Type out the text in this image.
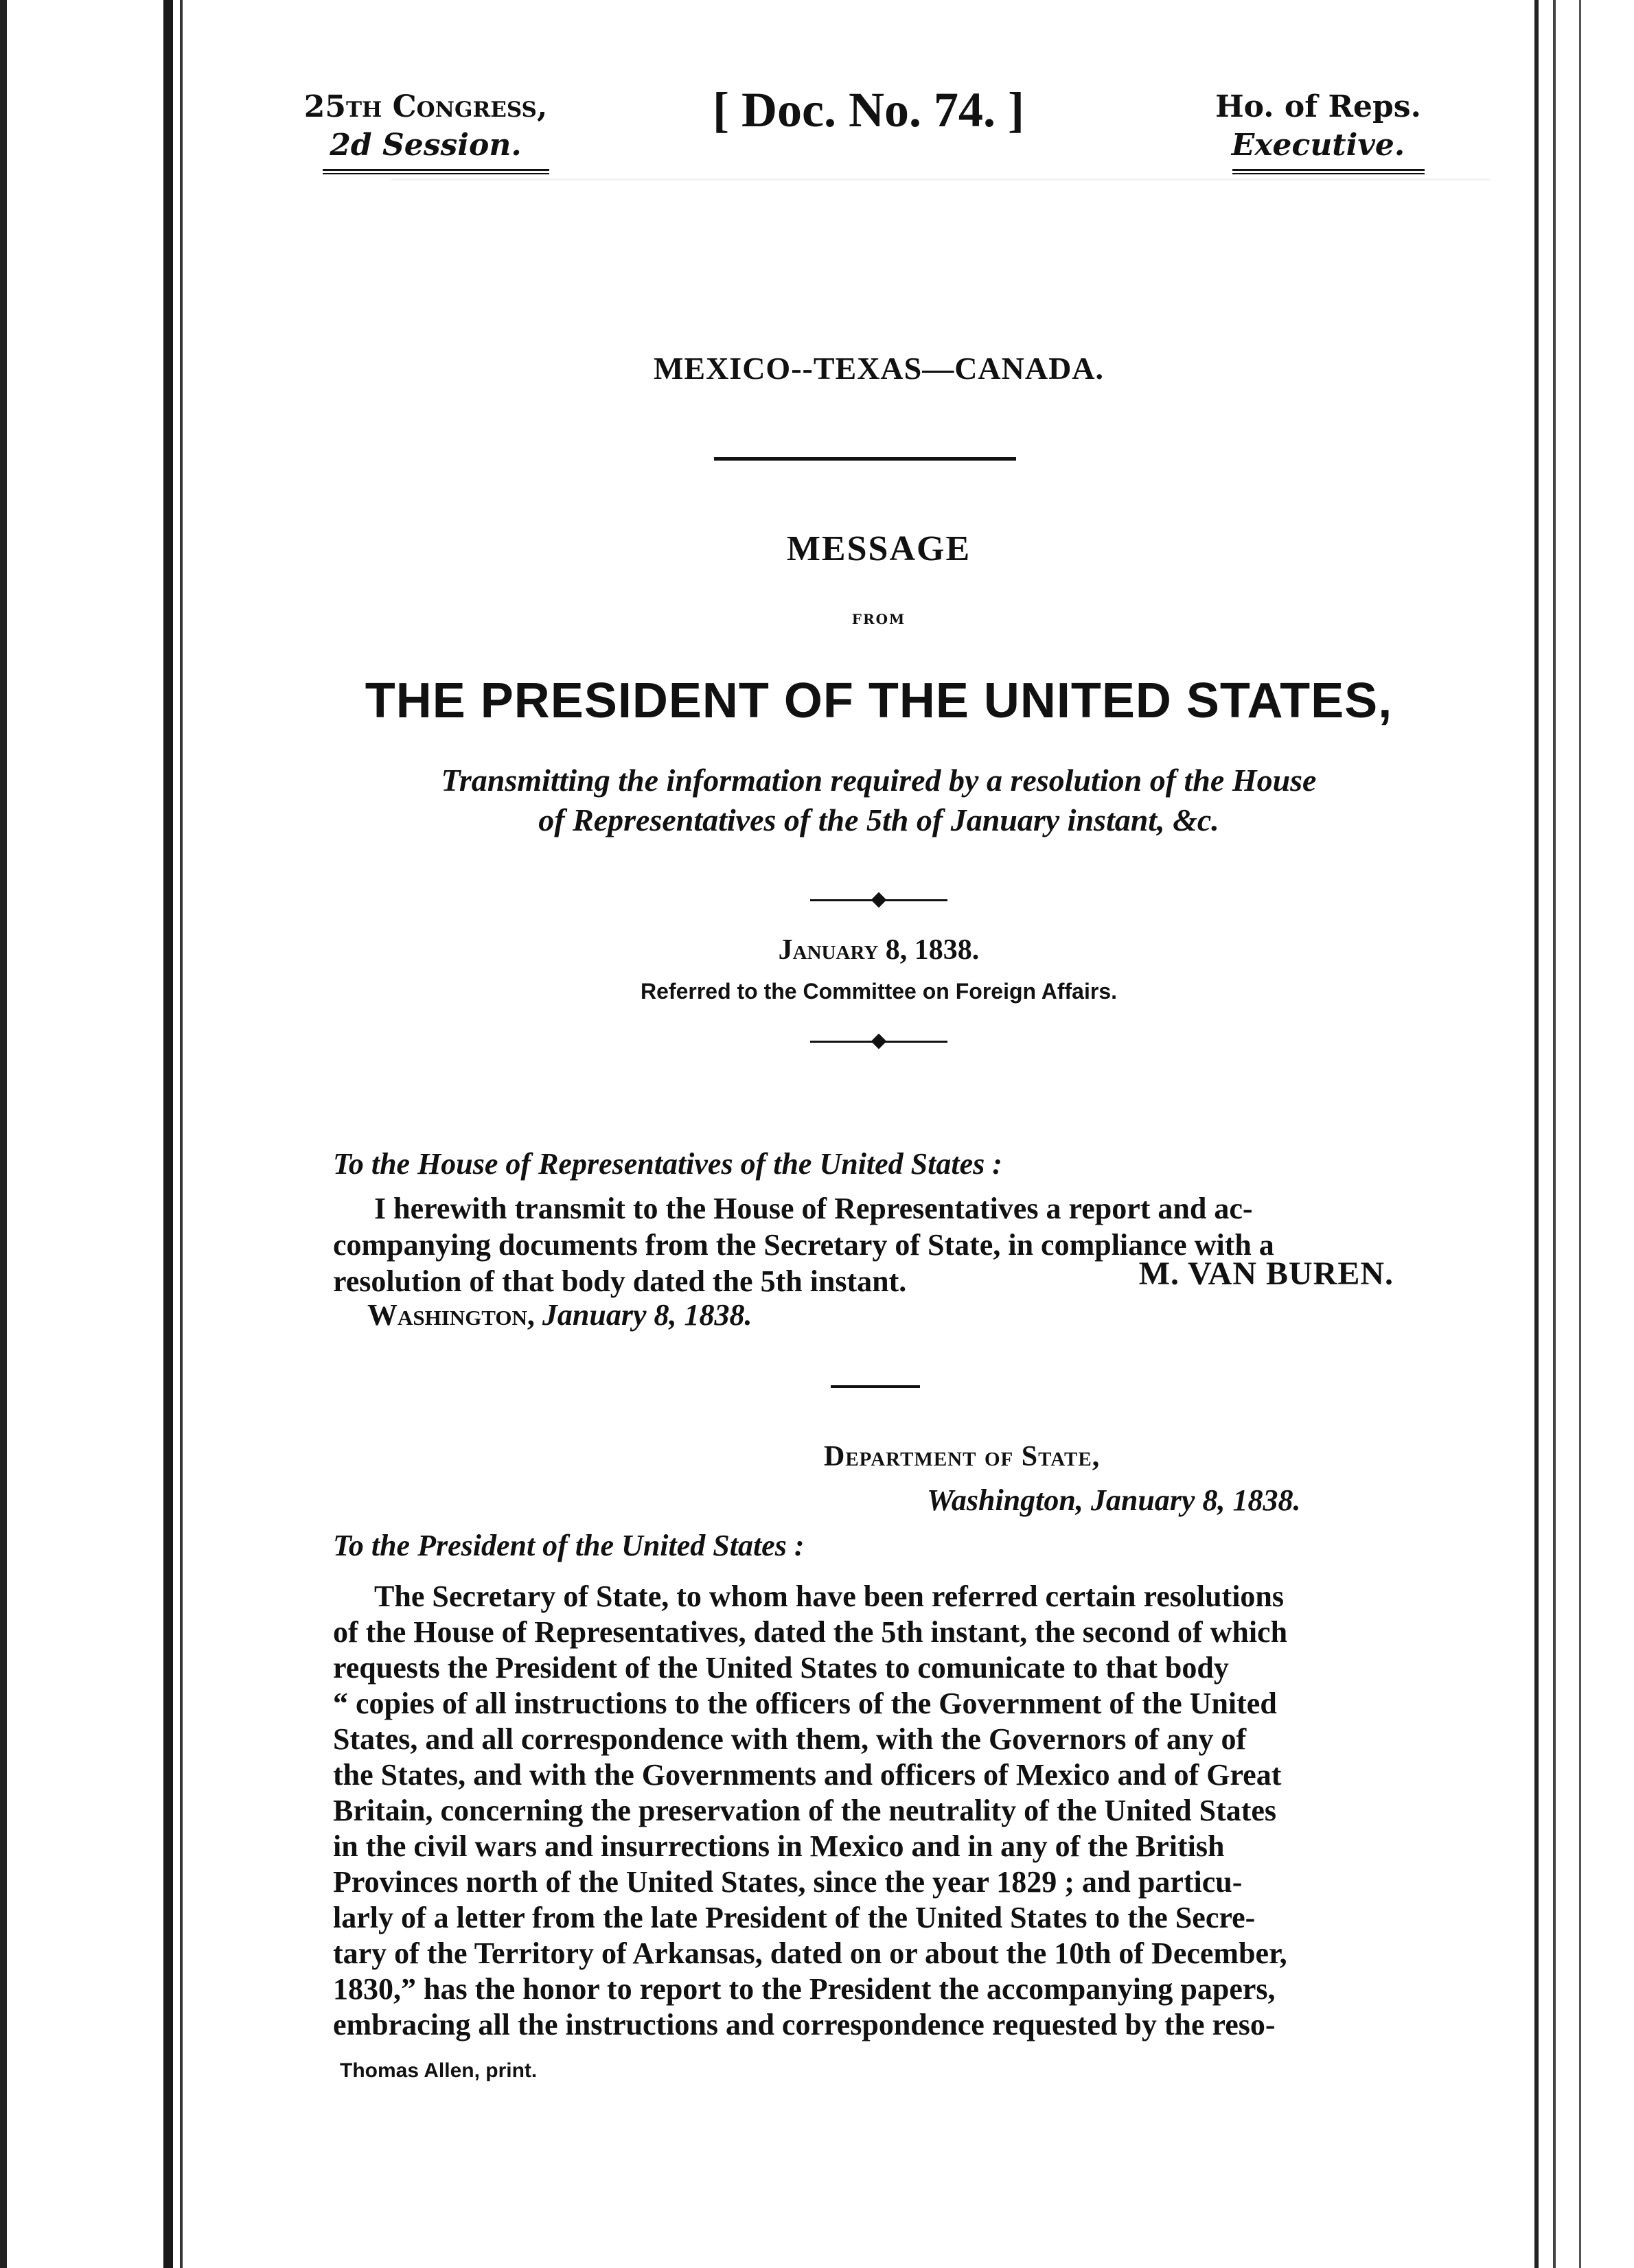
25th Congress,
2d Session.
[ Doc. No. 74. ]	Ho. of Reps.
Executive.
MEXICO--TEXAS—CANADA.
MESSAGE
FROM
THE PRESIDENT OF THE UNITED STATES,
Transmitting the information required by a resolution of the House
of Representatives of the 5th of January instant, &c.
January 8, 1838.
Referred to the Committee on Foreign Affairs.
To the House of Representatives of the United States :
I herewith transmit to the House of Representatives a report and ac-
companying documents from the Secretary of State, in compliance with a
resolution of that body dated the 5th instant.	M. VAN BUREN.
Washington, January 8, 1838.
Department of State,
Washington, January 8, 1838.
To the President of the United States :
The Secretary of State, to whom have been referred certain resolutions
of the House of Representatives, dated the 5th instant, the second of which
requests the President of the United States to comunicate to that body
“ copies of all instructions to the officers of the Government of the United
States, and all correspondence with them, with the Governors of any of
the States, and with the Governments and officers of Mexico and of Great
Britain, concerning the preservation of the neutrality of the United States
in the civil wars and insurrections in Mexico and in any of the British
Provinces north of the United States, since the year 1829 ; and particu-
larly of a letter from the late President of the United States to the Secre-
tary of the Territory of Arkansas, dated on or about the 10th of December,
1830,” has the honor to report to the President the accompanying papers,
embracing all the instructions and correspondence requested by the reso-
Thomas Allen, print.
